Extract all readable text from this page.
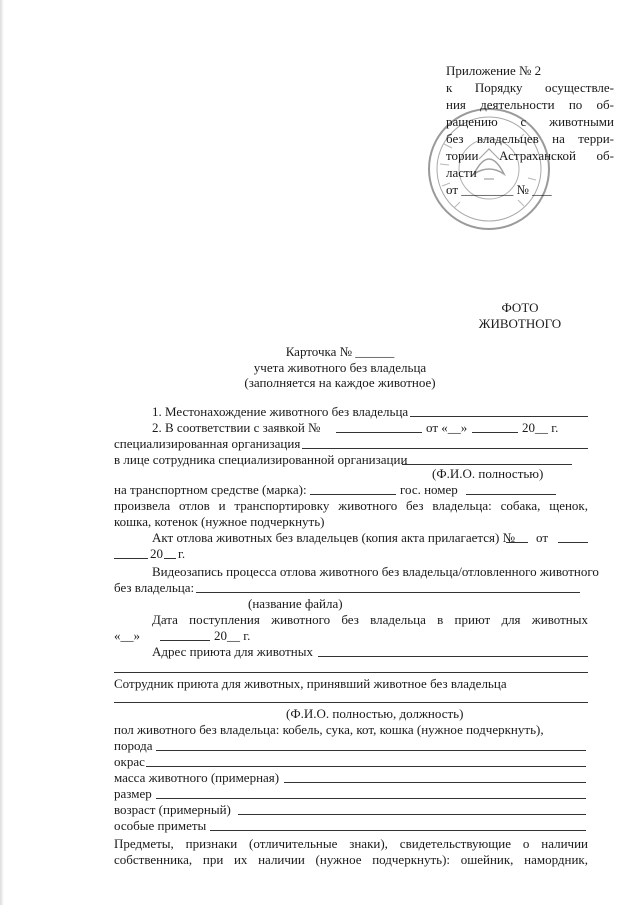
Приложение № 2
к Порядку осуществле-
ния деятельности по об-
ращению с животными
без владельцев на терри-
тории Астраханской об-
ласти
от ________ № ___
ФОТО
ЖИВОТНОГО
Карточка № ______
учета животного без владельца
(заполняется на каждое животное)
1. Местонахождение животного без владельца
2. В соответствии с заявкой №	от «__»	20__ г.
специализированная организация
в лице сотрудника специализированной организации
(Ф.И.О. полностью)
на транспортном средстве (марка):	гос. номер
произвела отлов и транспортировку животного без владельца: собака, щенок,
кошка, котенок (нужное подчеркнуть)
Акт отлова животных без владельцев (копия акта прилагается) № от
20 г.
Видеозапись процесса отлова животного без владельца/отловленного животного
без владельца:
(название файла)
Дата поступления животного без владельца в приют для животных
«__»	20__ г.
Адрес приюта для животных
Сотрудник приюта для животных, принявший животное без владельца
(Ф.И.О. полностью, должность)
пол животного без владельца: кобель, сука, кот, кошка (нужное подчеркнуть),
порода
окрас
масса животного (примерная)
размер
возраст (примерный)
особые приметы
Предметы, признаки (отличительные знаки), свидетельствующие о наличии
собственника, при их наличии (нужное подчеркнуть): ошейник, намордник,
